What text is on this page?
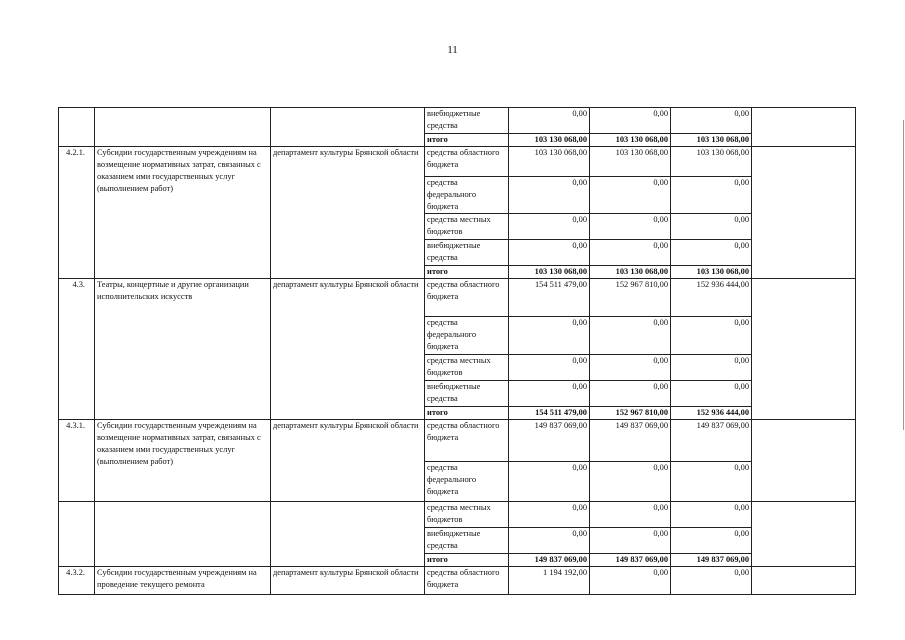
11
			внебюджетные средства	0,00	0,00	0,00	
			итого	103 130 068,00	103 130 068,00	103 130 068,00	
4.2.1.	Субсидии государственным учреждениям на возмещение нормативных затрат, связанных с оказанием ими государственных услуг (выполнением работ)	департамент культуры Брянской области	средства областного бюджета	103 130 068,00	103 130 068,00	103 130 068,00	
			средства федерального бюджета	0,00	0,00	0,00	
			средства местных бюджетов	0,00	0,00	0,00	
			внебюджетные средства	0,00	0,00	0,00	
			итого	103 130 068,00	103 130 068,00	103 130 068,00	
4.3.	Театры, концертные и другие организации исполнительских искусств	департамент культуры Брянской области	средства областного бюджета	154 511 479,00	152 967 810,00	152 936 444,00	
			средства федерального бюджета	0,00	0,00	0,00	
			средства местных бюджетов	0,00	0,00	0,00	
			внебюджетные средства	0,00	0,00	0,00	
			итого	154 511 479,00	152 967 810,00	152 936 444,00	
4.3.1.	Субсидии государственным учреждениям на возмещение нормативных затрат, связанных с оказанием ими государственных услуг (выполнением работ)	департамент культуры Брянской области	средства областного бюджета	149 837 069,00	149 837 069,00	149 837 069,00	
			средства федерального бюджета	0,00	0,00	0,00	
			средства местных бюджетов	0,00	0,00	0,00	
			внебюджетные средства	0,00	0,00	0,00	
			итого	149 837 069,00	149 837 069,00	149 837 069,00	
4.3.2.	Субсидии государственным учреждениям на проведение текущего ремонта	департамент культуры Брянской области	средства областного бюджета	1 194 192,00	0,00	0,00	
